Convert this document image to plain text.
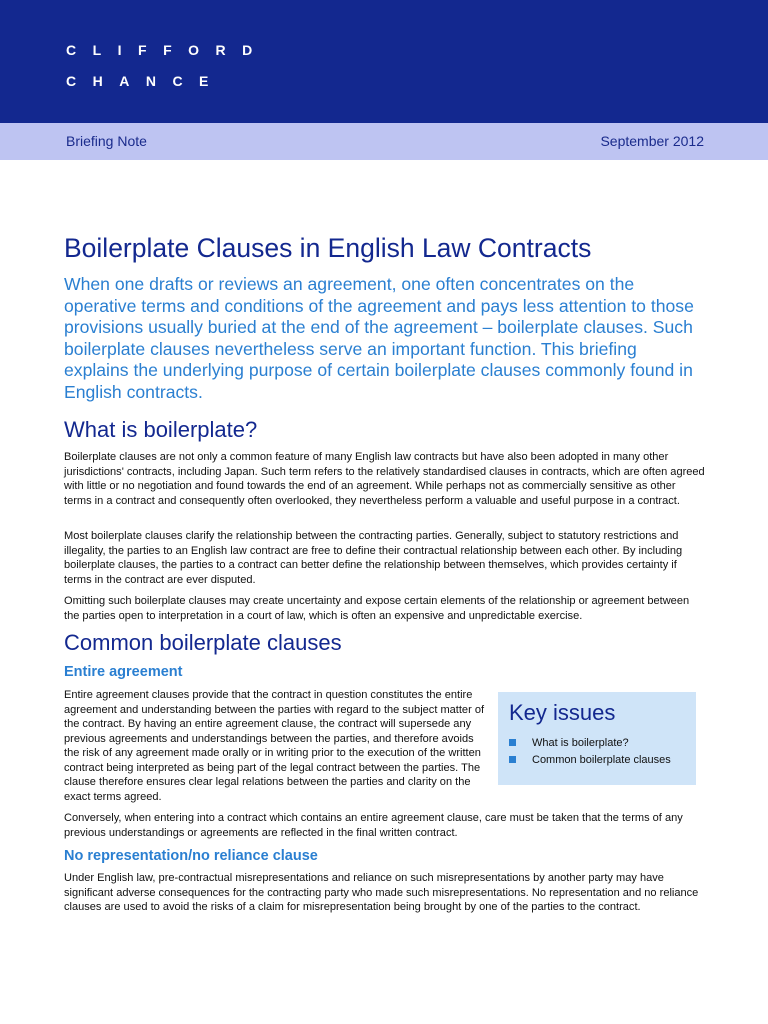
CLIFFORD
CHANCE
Briefing Note	September 2012
Boilerplate Clauses in English Law Contracts

When one drafts or reviews an agreement, one often concentrates on the operative terms and conditions of the agreement and pays less attention to those provisions usually buried at the end of the agreement – boilerplate clauses. Such boilerplate clauses nevertheless serve an important function. This briefing explains the underlying purpose of certain boilerplate clauses commonly found in English contracts.

What is boilerplate?

Boilerplate clauses are not only a common feature of many English law contracts but have also been adopted in many other jurisdictions' contracts, including Japan. Such term refers to the relatively standardised clauses in contracts, which are often agreed with little or no negotiation and found towards the end of an agreement. While perhaps not as commercially sensitive as other terms in a contract and consequently often overlooked, they nevertheless perform a valuable and useful purpose in a contract.

Most boilerplate clauses clarify the relationship between the contracting parties. Generally, subject to statutory restrictions and illegality, the parties to an English law contract are free to define their contractual relationship between each other. By including boilerplate clauses, the parties to a contract can better define the relationship between themselves, which provides certainty if terms in the contract are ever disputed.

Omitting such boilerplate clauses may create uncertainty and expose certain elements of the relationship or agreement between the parties open to interpretation in a court of law, which is often an expensive and unpredictable exercise.

Common boilerplate clauses
Entire agreement

Entire agreement clauses provide that the contract in question constitutes the entire agreement and understanding between the parties with regard to the subject matter of the contract. By having an entire agreement clause, the contract will supersede any previous agreements and understandings between the parties, and therefore avoids the risk of any agreement made orally or in writing prior to the execution of the written contract being interpreted as being part of the legal contract between the parties. The clause therefore ensures clear legal relations between the parties and clarity on the exact terms agreed.

Conversely, when entering into a contract which contains an entire agreement clause, care must be taken that the terms of any previous understandings or agreements are reflected in the final written contract.

No representation/no reliance clause

Under English law, pre-contractual misrepresentations and reliance on such misrepresentations by another party may have significant adverse consequences for the contracting party who made such misrepresentations. No representation and no reliance clauses are used to avoid the risks of a claim for misrepresentation being brought by one of the parties to the contract.

Key issues
What is boilerplate?
Common boilerplate clauses
